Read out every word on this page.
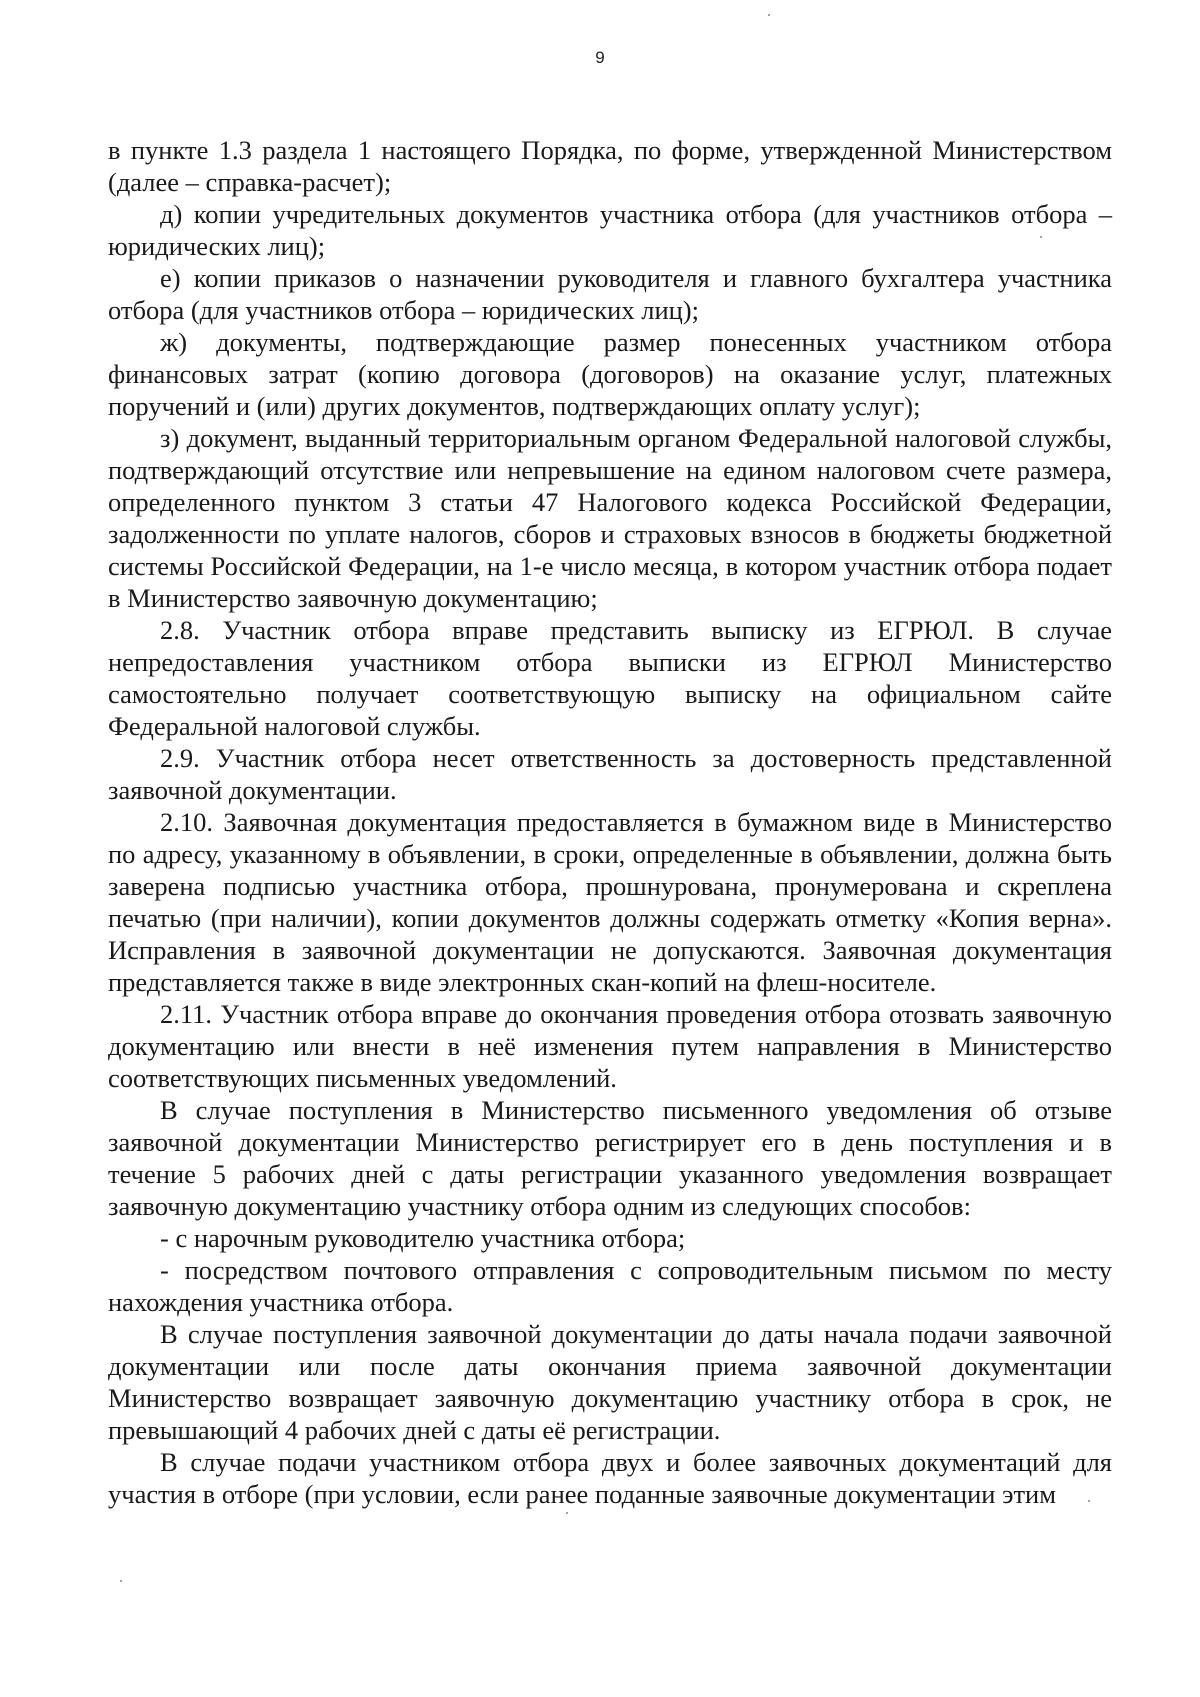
9

в пункте 1.3 раздела 1 настоящего Порядка, по форме, утвержденной Министерством (далее – справка-расчет);

д) копии учредительных документов участника отбора (для участников отбора – юридических лиц);

е) копии приказов о назначении руководителя и главного бухгалтера участника отбора (для участников отбора – юридических лиц);

ж) документы, подтверждающие размер понесенных участником отбора финансовых затрат (копию договора (договоров) на оказание услуг, платежных поручений и (или) других документов, подтверждающих оплату услуг);

з) документ, выданный территориальным органом Федеральной налоговой службы, подтверждающий отсутствие или непревышение на едином налоговом счете размера, определенного пунктом 3 статьи 47 Налогового кодекса Российской Федерации, задолженности по уплате налогов, сборов и страховых взносов в бюджеты бюджетной системы Российской Федерации, на 1-е число месяца, в котором участник отбора подает в Министерство заявочную документацию;

2.8. Участник отбора вправе представить выписку из ЕГРЮЛ. В случае непредоставления участником отбора выписки из ЕГРЮЛ Министерство самостоятельно получает соответствующую выписку на официальном сайте Федеральной налоговой службы.

2.9. Участник отбора несет ответственность за достоверность представленной заявочной документации.

2.10. Заявочная документация предоставляется в бумажном виде в Министерство по адресу, указанному в объявлении, в сроки, определенные в объявлении, должна быть заверена подписью участника отбора, прошнурована, пронумерована и скреплена печатью (при наличии), копии документов должны содержать отметку «Копия верна». Исправления в заявочной документации не допускаются. Заявочная документация представляется также в виде электронных скан-копий на флеш-носителе.

2.11. Участник отбора вправе до окончания проведения отбора отозвать заявочную документацию или внести в неё изменения путем направления в Министерство соответствующих письменных уведомлений.

В случае поступления в Министерство письменного уведомления об отзыве заявочной документации Министерство регистрирует его в день поступления и в течение 5 рабочих дней с даты регистрации указанного уведомления возвращает заявочную документацию участнику отбора одним из следующих способов:

- с нарочным руководителю участника отбора;

- посредством почтового отправления с сопроводительным письмом по месту нахождения участника отбора.

В случае поступления заявочной документации до даты начала подачи заявочной документации или после даты окончания приема заявочной документации Министерство возвращает заявочную документацию участнику отбора в срок, не превышающий 4 рабочих дней с даты её регистрации.

В случае подачи участником отбора двух и более заявочных документаций для участия в отборе (при условии, если ранее поданные заявочные документации этим
